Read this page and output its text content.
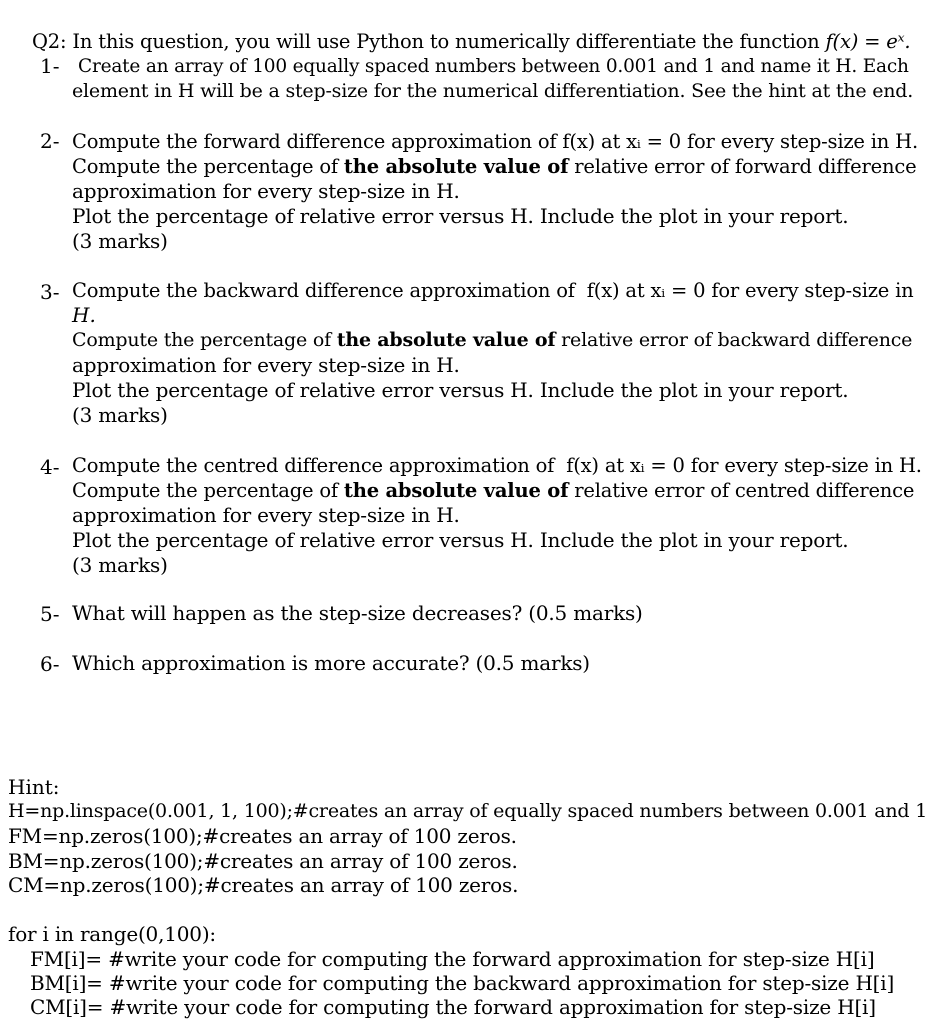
Q2: In this question, you will use Python to numerically differentiate the function f(x) = eˣ.

1- Create an array of 100 equally spaced numbers between 0.001 and 1 and name it H. Each
element in H will be a step-size for the numerical differentiation. See the hint at the end.
2- Compute the forward difference approximation of f(x) at xᵢ = 0 for every step-size in H.
Compute the percentage of the absolute value of relative error of forward difference
approximation for every step-size in H.
Plot the percentage of relative error versus H. Include the plot in your report.
(3 marks)
3- Compute the backward difference approximation of  f(x) at xᵢ = 0 for every step-size in
H.
Compute the percentage of the absolute value of relative error of backward difference
approximation for every step-size in H.
Plot the percentage of relative error versus H. Include the plot in your report.
(3 marks)
4- Compute the centred difference approximation of  f(x) at xᵢ = 0 for every step-size in H.
Compute the percentage of the absolute value of relative error of centred difference
approximation for every step-size in H.
Plot the percentage of relative error versus H. Include the plot in your report.
(3 marks)
5- What will happen as the step-size decreases? (0.5 marks)
6- Which approximation is more accurate? (0.5 marks)
Hint:
H=np.linspace(0.001, 1, 100);#creates an array of equally spaced numbers between 0.001 and 1
FM=np.zeros(100);#creates an array of 100 zeros.
BM=np.zeros(100);#creates an array of 100 zeros.
CM=np.zeros(100);#creates an array of 100 zeros.
for i in range(0,100):
FM[i]= #write your code for computing the forward approximation for step-size H[i]
BM[i]= #write your code for computing the backward approximation for step-size H[i]
CM[i]= #write your code for computing the forward approximation for step-size H[i]
